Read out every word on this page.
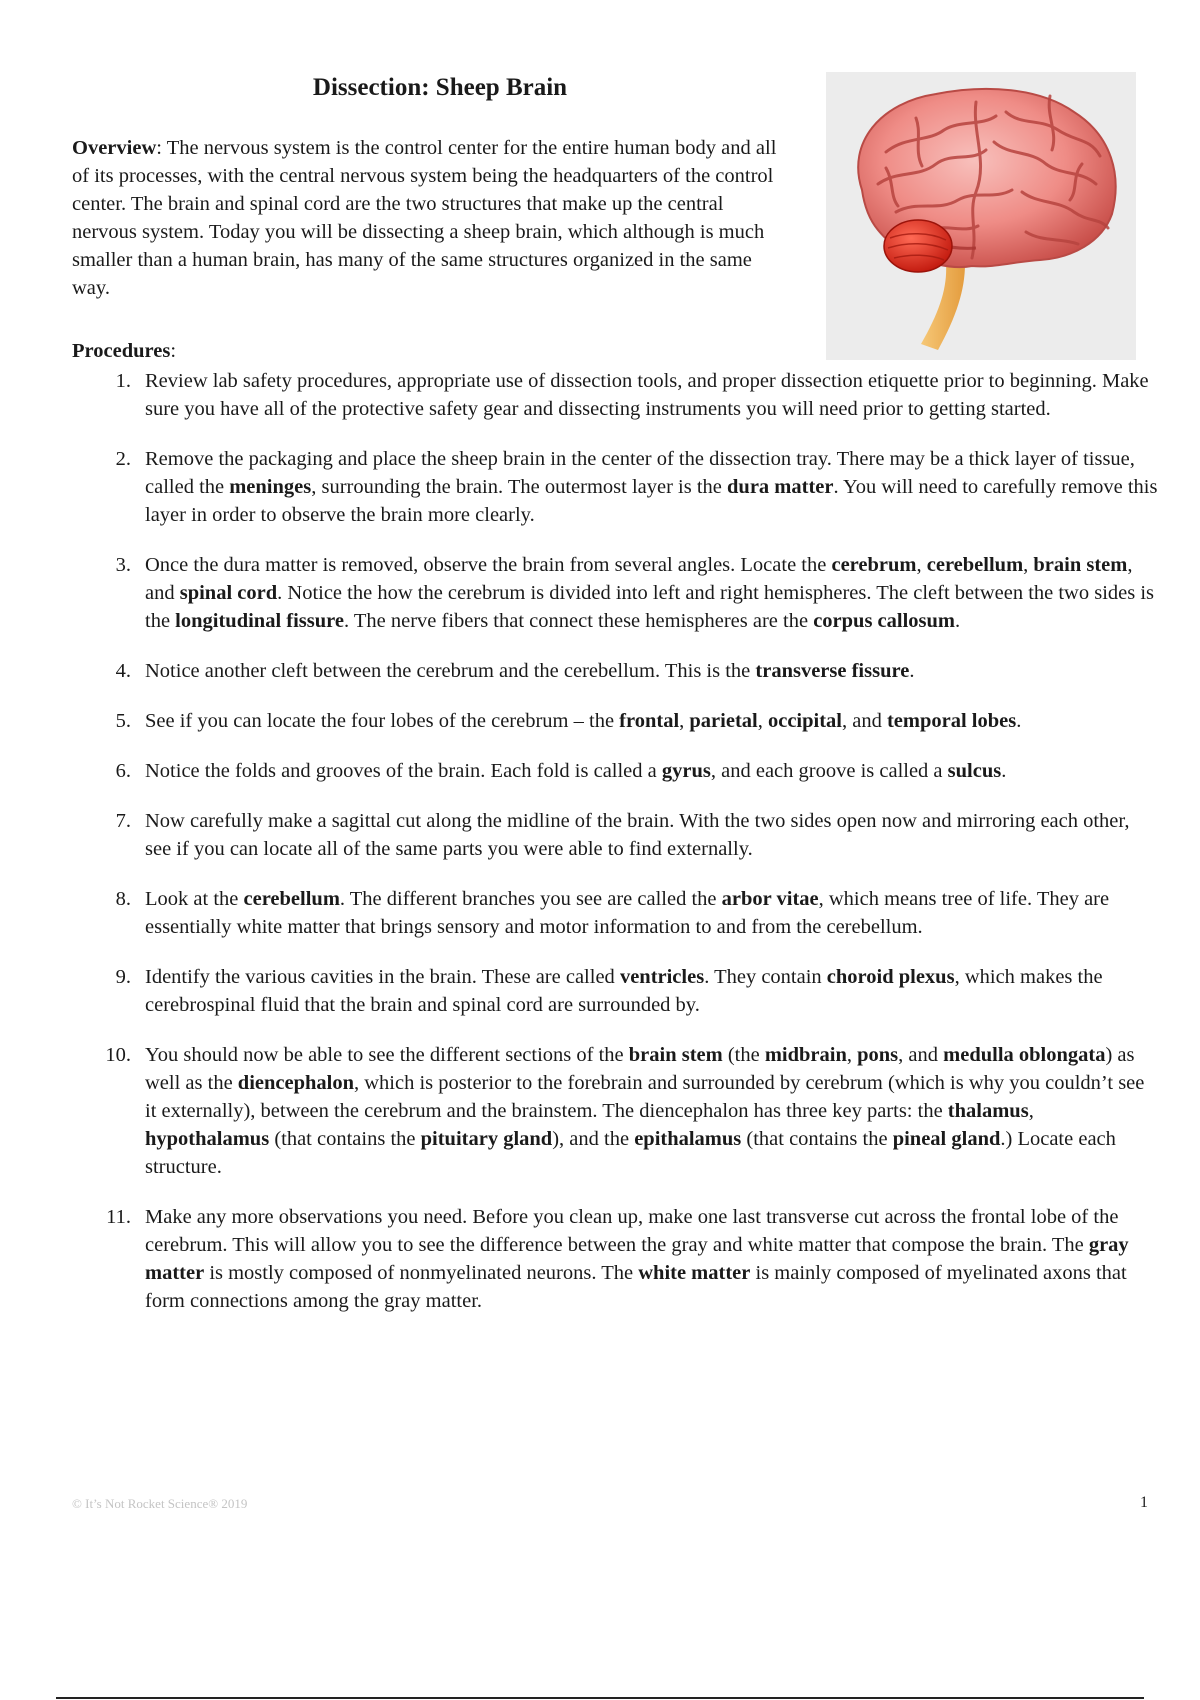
Dissection: Sheep Brain
Overview: The nervous system is the control center for the entire human body and all of its processes, with the central nervous system being the headquarters of the control center. The brain and spinal cord are the two structures that make up the central nervous system. Today you will be dissecting a sheep brain, which although is much smaller than a human brain, has many of the same structures organized in the same way.
Procedures:
1. Review lab safety procedures, appropriate use of dissection tools, and proper dissection etiquette prior to beginning. Make sure you have all of the protective safety gear and dissecting instruments you will need prior to getting started.
2. Remove the packaging and place the sheep brain in the center of the dissection tray. There may be a thick layer of tissue, called the meninges, surrounding the brain. The outermost layer is the dura matter. You will need to carefully remove this layer in order to observe the brain more clearly.
3. Once the dura matter is removed, observe the brain from several angles. Locate the cerebrum, cerebellum, brain stem, and spinal cord. Notice the how the cerebrum is divided into left and right hemispheres. The cleft between the two sides is the longitudinal fissure. The nerve fibers that connect these hemispheres are the corpus callosum.
4. Notice another cleft between the cerebrum and the cerebellum. This is the transverse fissure.
5. See if you can locate the four lobes of the cerebrum – the frontal, parietal, occipital, and temporal lobes.
6. Notice the folds and grooves of the brain. Each fold is called a gyrus, and each groove is called a sulcus.
7. Now carefully make a sagittal cut along the midline of the brain. With the two sides open now and mirroring each other, see if you can locate all of the same parts you were able to find externally.
8. Look at the cerebellum. The different branches you see are called the arbor vitae, which means tree of life. They are essentially white matter that brings sensory and motor information to and from the cerebellum.
9. Identify the various cavities in the brain. These are called ventricles. They contain choroid plexus, which makes the cerebrospinal fluid that the brain and spinal cord are surrounded by.
10. You should now be able to see the different sections of the brain stem (the midbrain, pons, and medulla oblongata) as well as the diencephalon, which is posterior to the forebrain and surrounded by cerebrum (which is why you couldn’t see it externally), between the cerebrum and the brainstem. The diencephalon has three key parts: the thalamus, hypothalamus (that contains the pituitary gland), and the epithalamus (that contains the pineal gland.) Locate each structure.
11. Make any more observations you need. Before you clean up, make one last transverse cut across the frontal lobe of the cerebrum. This will allow you to see the difference between the gray and white matter that compose the brain. The gray matter is mostly composed of nonmyelinated neurons. The white matter is mainly composed of myelinated axons that form connections among the gray matter.
© It’s Not Rocket Science® 2019	1
